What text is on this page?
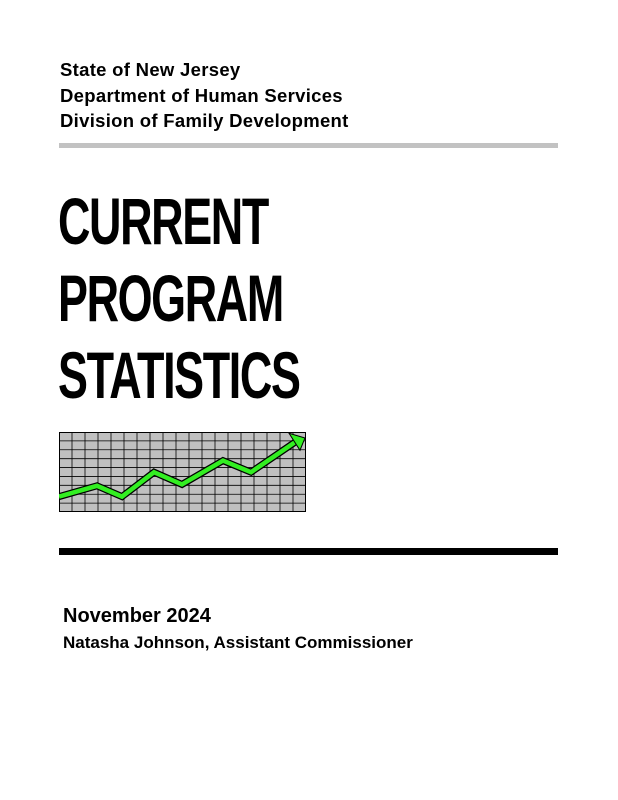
State of New Jersey
Department of Human Services
Division of Family Development
CURRENT
PROGRAM
STATISTICS
November 2024
Natasha Johnson, Assistant Commissioner
